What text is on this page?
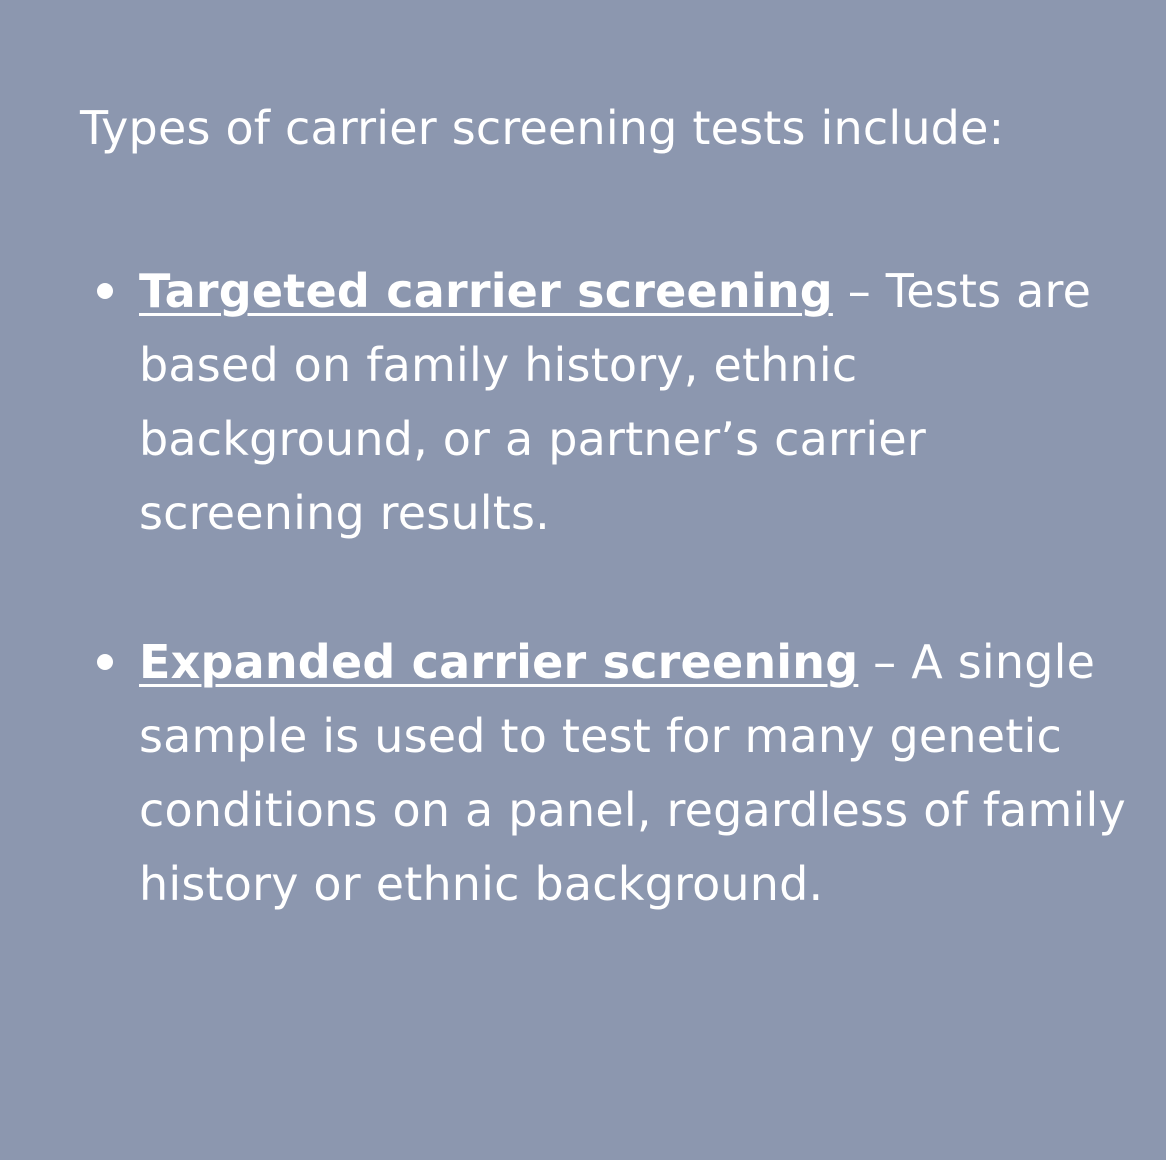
Types of carrier screening tests include:

Targeted carrier screening – Tests are based on family history, ethnic background, or a partner’s carrier screening results.
Expanded carrier screening – A single sample is used to test for many genetic conditions on a panel, regardless of family history or ethnic background.
